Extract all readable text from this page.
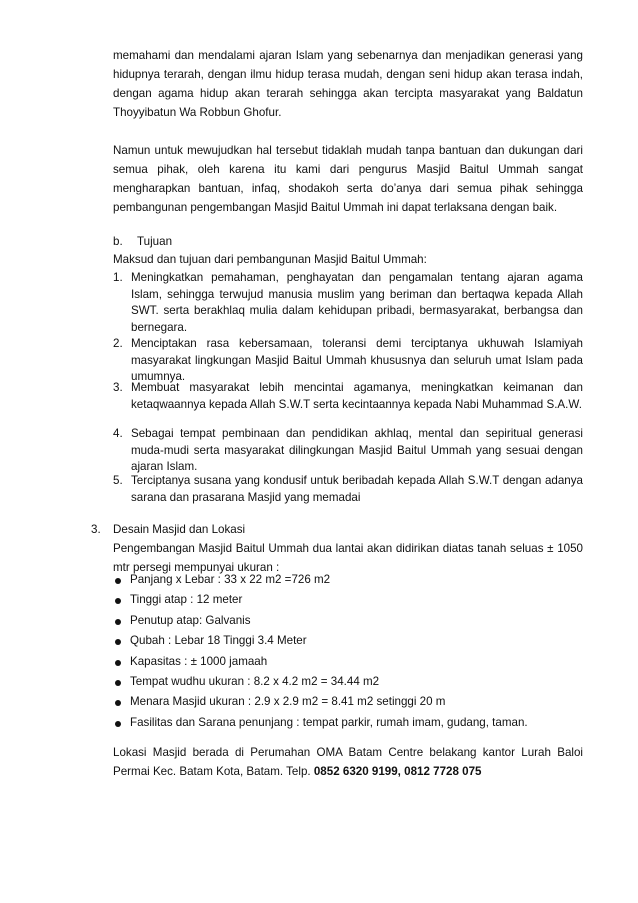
memahami dan mendalami ajaran Islam yang sebenarnya dan menjadikan generasi yang hidupnya terarah, dengan ilmu hidup terasa mudah, dengan seni hidup akan terasa indah, dengan agama hidup akan terarah sehingga akan tercipta masyarakat yang Baldatun Thoyyibatun Wa Robbun Ghofur.

Namun untuk mewujudkan hal tersebut tidaklah mudah tanpa bantuan dan dukungan dari semua pihak, oleh karena itu kami dari pengurus Masjid Baitul Ummah sangat mengharapkan bantuan, infaq, shodakoh serta do’anya dari semua pihak sehingga pembangunan pengembangan Masjid Baitul Ummah ini dapat terlaksana dengan baik.

b. Tujuan

Maksud dan tujuan dari pembangunan Masjid Baitul Ummah:

1. Meningkatkan pemahaman, penghayatan dan pengamalan tentang ajaran agama Islam, sehingga terwujud manusia muslim yang beriman dan bertaqwa kepada Allah SWT. serta berakhlaq mulia dalam kehidupan pribadi, bermasyarakat, berbangsa dan bernegara.
2. Menciptakan rasa kebersamaan, toleransi demi terciptanya ukhuwah Islamiyah masyarakat lingkungan Masjid Baitul Ummah khususnya dan seluruh umat Islam pada umumnya.
3. Membuat masyarakat lebih mencintai agamanya, meningkatkan keimanan dan ketaqwaannya kepada Allah S.W.T serta kecintaannya kepada Nabi Muhammad S.A.W.
4. Sebagai tempat pembinaan dan pendidikan akhlaq, mental dan sepiritual generasi muda-mudi serta masyarakat dilingkungan Masjid Baitul Ummah yang sesuai dengan ajaran Islam.
5. Terciptanya susana yang kondusif untuk beribadah kepada Allah S.W.T dengan adanya sarana dan prasarana Masjid yang memadai
3. Desain Masjid dan Lokasi

Pengembangan Masjid Baitul Ummah dua lantai akan didirikan diatas tanah seluas ± 1050 mtr persegi mempunyai ukuran :

Panjang x Lebar : 33 x 22 m2 =726 m2
Tinggi atap : 12 meter
Penutup atap: Galvanis
Qubah : Lebar 18 Tinggi 3.4 Meter
Kapasitas : ± 1000 jamaah
Tempat wudhu ukuran : 8.2 x 4.2 m2 = 34.44 m2
Menara Masjid ukuran : 2.9 x 2.9 m2 = 8.41 m2 setinggi 20 m
Fasilitas dan Sarana penunjang : tempat parkir, rumah imam, gudang, taman.

Lokasi Masjid berada di Perumahan OMA Batam Centre belakang kantor Lurah Baloi Permai Kec. Batam Kota, Batam. Telp. 0852 6320 9199, 0812 7728 075
